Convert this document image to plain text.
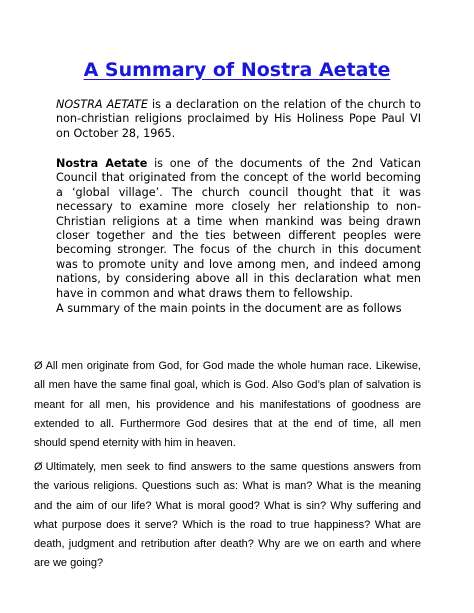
A Summary of Nostra Aetate

NOSTRA AETATE is a declaration on the relation of the church to non-christian religions proclaimed by His Holiness Pope Paul VI on October 28, 1965.

Nostra Aetate is one of the documents of the 2nd Vatican Council that originated from the concept of the world becoming a ‘global village’. The church council thought that it was necessary to examine more closely her relationship to non-Christian religions at a time when mankind was being drawn closer together and the ties between different peoples were becoming stronger. The focus of the church in this document was to promote unity and love among men, and indeed among nations, by considering above all in this declaration what men have in common and what draws them to fellowship.

A summary of the main points in the document are as follows

Ø All men originate from God, for God made the whole human race. Likewise, all men have the same final goal, which is God. Also God’s plan of salvation is meant for all men, his providence and his manifestations of goodness are extended to all. Furthermore God desires that at the end of time, all men should spend eternity with him in heaven.

Ø Ultimately, men seek to find answers to the same questions answers from the various religions. Questions such as: What is man? What is the meaning and the aim of our life? What is moral good? What is sin? Why suffering and what purpose does it serve? Which is the road to true happiness? What are death, judgment and retribution after death? Why are we on earth and where are we going?
